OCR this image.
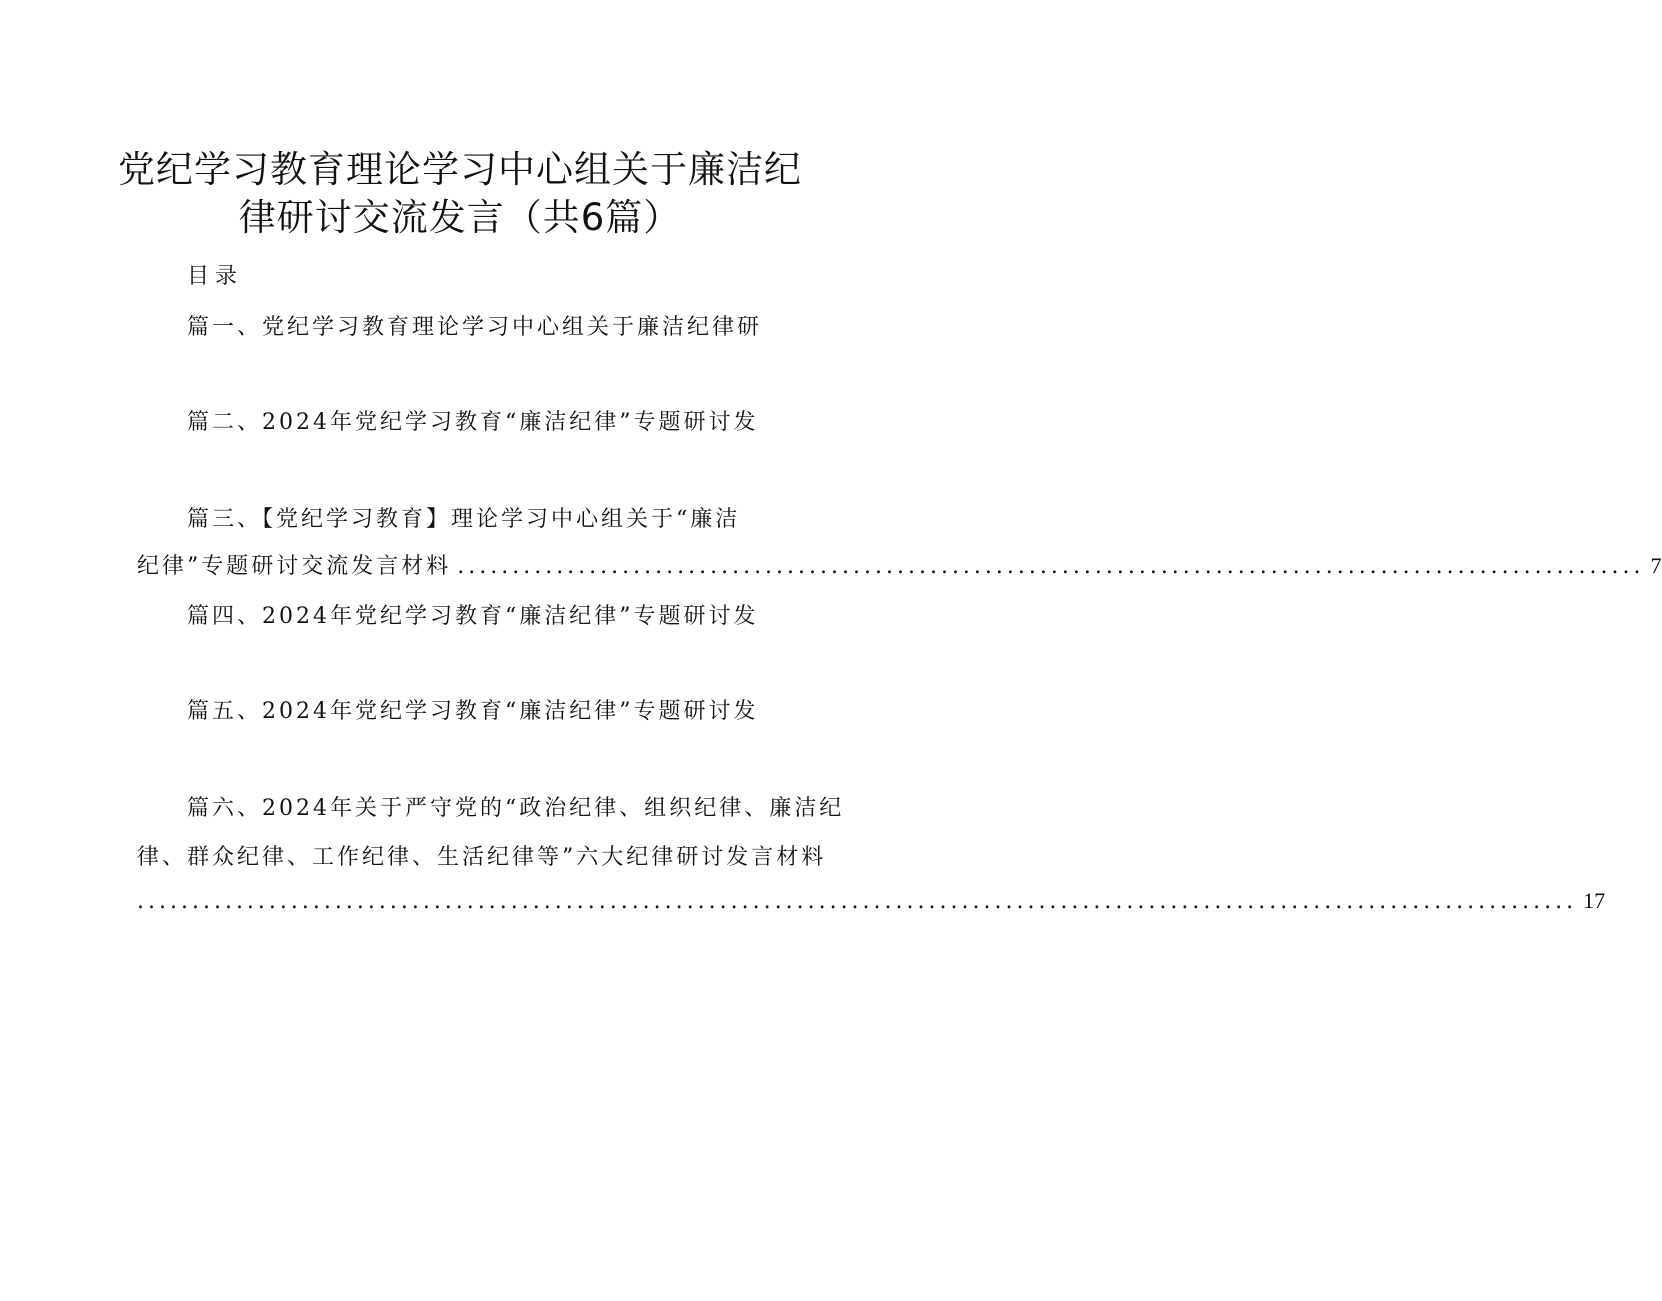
党纪学习教育理论学习中心组关于廉洁纪
律研讨交流发言（共6篇）
目录
篇一、党纪学习教育理论学习中心组关于廉洁纪律研
篇二、2024年党纪学习教育“廉洁纪律”专题研讨发
篇三、【党纪学习教育】理论学习中心组关于“廉洁
纪律”专题研讨交流发言材料 ............................................................................................................ 7
篇四、2024年党纪学习教育“廉洁纪律”专题研讨发
篇五、2024年党纪学习教育“廉洁纪律”专题研讨发
篇六、2024年关于严守党的“政治纪律、组织纪律、廉洁纪
律、群众纪律、工作纪律、生活纪律等”六大纪律研讨发言材料
................................................................................................................................... 17
